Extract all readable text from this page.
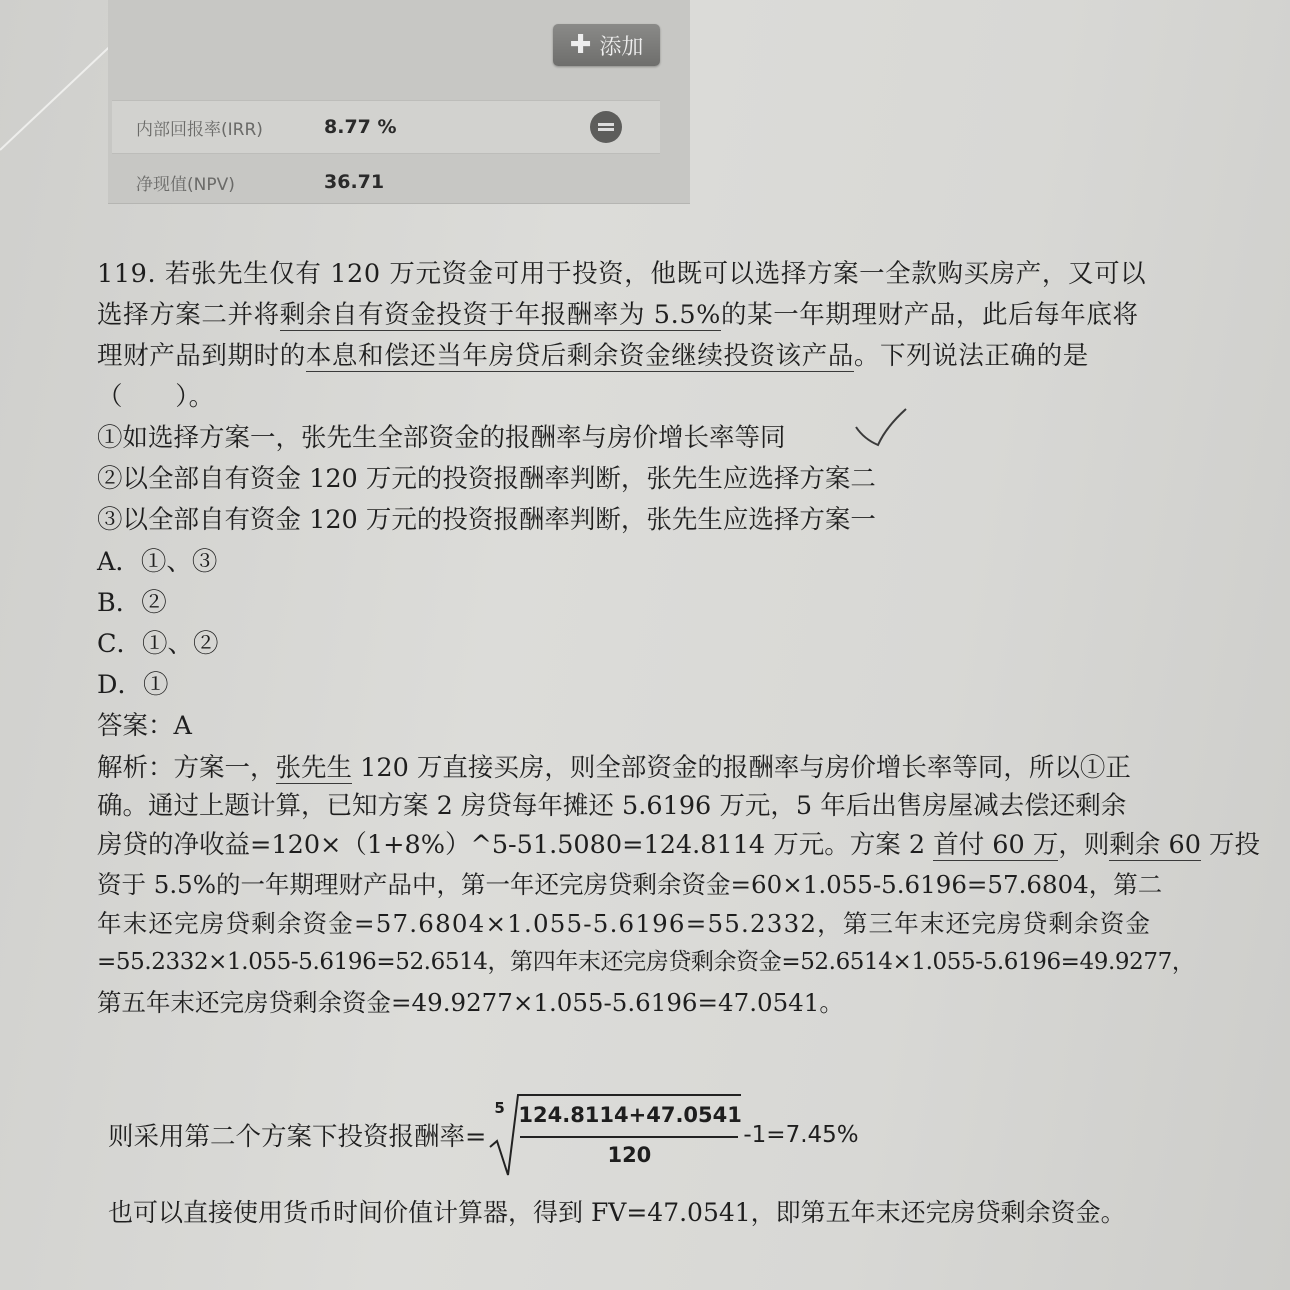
✚ 添加
内部回报率(IRR)	8.77 %
净现值(NPV)	36.71
119. 若张先生仅有 120 万元资金可用于投资，他既可以选择方案一全款购买房产，又可以
选择方案二并将剩余自有资金投资于年报酬率为 5.5%的某一年期理财产品，此后每年底将
理财产品到期时的本息和偿还当年房贷后剩余资金继续投资该产品。下列说法正确的是
（　　）。
①如选择方案一，张先生全部资金的报酬率与房价增长率等同
②以全部自有资金 120 万元的投资报酬率判断，张先生应选择方案二
③以全部自有资金 120 万元的投资报酬率判断，张先生应选择方案一
A．①、③
B．②
C．①、②
D．①
答案：A
解析：方案一，张先生 120 万直接买房，则全部资金的报酬率与房价增长率等同，所以①正
确。通过上题计算，已知方案 2 房贷每年摊还 5.6196 万元，5 年后出售房屋减去偿还剩余
房贷的净收益=120×（1+8%）^5-51.5080=124.8114 万元。方案 2 首付 60 万，则剩余 60 万投
资于 5.5%的一年期理财产品中，第一年还完房贷剩余资金=60×1.055-5.6196=57.6804，第二
年末还完房贷剩余资金=57.6804×1.055-5.6196=55.2332，第三年末还完房贷剩余资金
=55.2332×1.055-5.6196=52.6514，第四年末还完房贷剩余资金=52.6514×1.055-5.6196=49.9277，
第五年末还完房贷剩余资金=49.9277×1.055-5.6196=47.0541。
则采用第二个方案下投资报酬率=
5 124.8114+47.0541
120
-1=7.45%
也可以直接使用货币时间价值计算器，得到 FV=47.0541，即第五年末还完房贷剩余资金。
